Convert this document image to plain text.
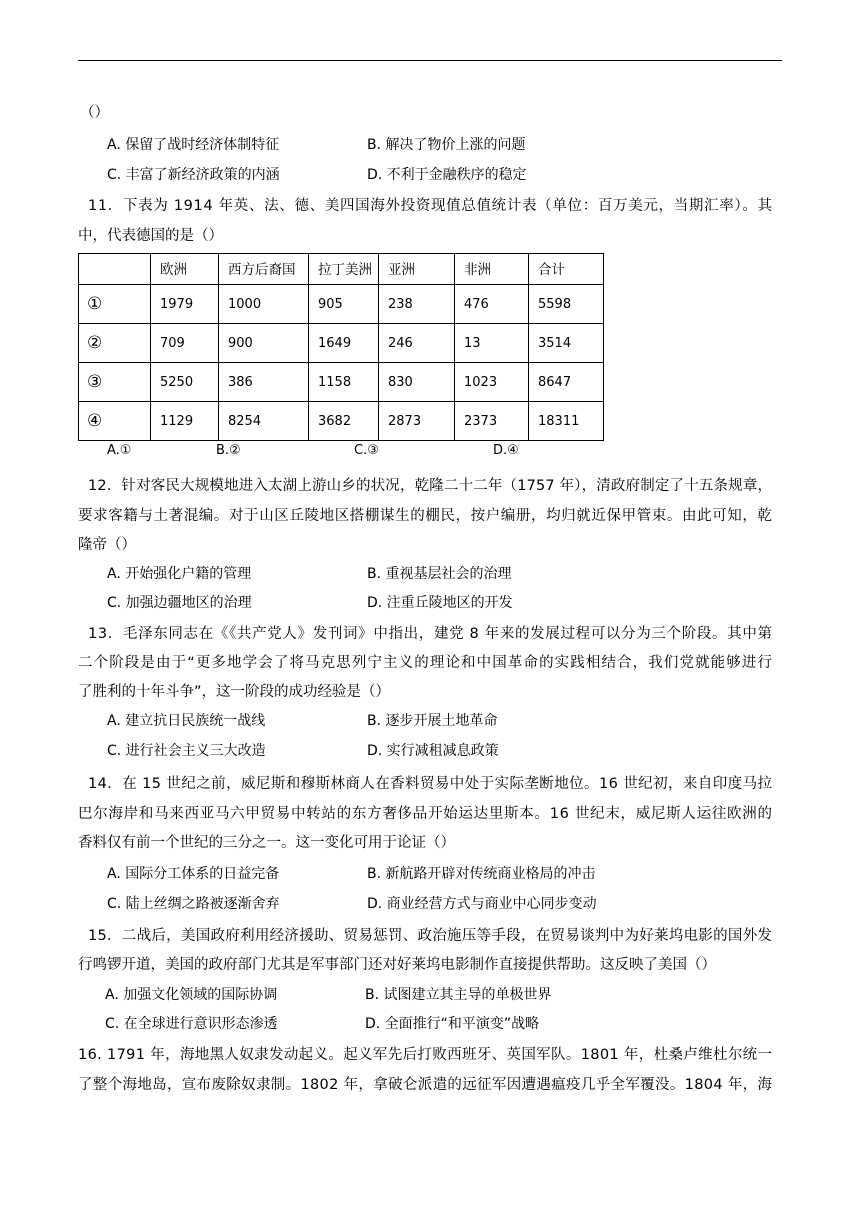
（）
A. 保留了战时经济体制特征	B. 解决了物价上涨的问题
C. 丰富了新经济政策的内涵	D. 不利于金融秩序的稳定
11．下表为 1914 年英、法、德、美四国海外投资现值总值统计表（单位：百万美元，当期汇率）。其
中，代表德国的是（）
	欧洲	西方后裔国	拉丁美洲	亚洲	非洲	合计
①	1979	1000	905	238	476	5598
②	709	900	1649	246	13	3514
③	5250	386	1158	830	1023	8647
④	1129	8254	3682	2873	2373	18311
A.①	B.②	C.③	D.④
12．针对客民大规模地进入太湖上游山乡的状况，乾隆二十二年（1757 年），清政府制定了十五条规章，
要求客籍与土著混编。对于山区丘陵地区搭棚谋生的棚民，按户编册，均归就近保甲管束。由此可知，乾
隆帝（）
A. 开始强化户籍的管理	B. 重视基层社会的治理
C. 加强边疆地区的治理	D. 注重丘陵地区的开发
13．毛泽东同志在《《共产党人》发刊词》中指出，建党 8 年来的发展过程可以分为三个阶段。其中第
二个阶段是由于“更多地学会了将马克思列宁主义的理论和中国革命的实践相结合，我们党就能够进行
了胜利的十年斗争”，这一阶段的成功经验是（）
A. 建立抗日民族统一战线	B. 逐步开展土地革命
C. 进行社会主义三大改造	D. 实行减租减息政策
14．在 15 世纪之前，威尼斯和穆斯林商人在香料贸易中处于实际垄断地位。16 世纪初，来自印度马拉
巴尔海岸和马来西亚马六甲贸易中转站的东方奢侈品开始运达里斯本。16 世纪末，威尼斯人运往欧洲的
香料仅有前一个世纪的三分之一。这一变化可用于论证（）
A. 国际分工体系的日益完备	B. 新航路开辟对传统商业格局的冲击
C. 陆上丝绸之路被逐渐舍弃	D. 商业经营方式与商业中心同步变动
15．二战后，美国政府利用经济援助、贸易惩罚、政治施压等手段，在贸易谈判中为好莱坞电影的国外发
行鸣锣开道，美国的政府部门尤其是军事部门还对好莱坞电影制作直接提供帮助。这反映了美国（）
A. 加强文化领域的国际协调	B. 试图建立其主导的单极世界
C. 在全球进行意识形态渗透	D. 全面推行“和平演变”战略
16. 1791 年，海地黑人奴隶发动起义。起义军先后打败西班牙、英国军队。1801 年，杜桑卢维杜尔统一
了整个海地岛，宣布废除奴隶制。1802 年，拿破仑派遣的远征军因遭遇瘟疫几乎全军覆没。1804 年，海
